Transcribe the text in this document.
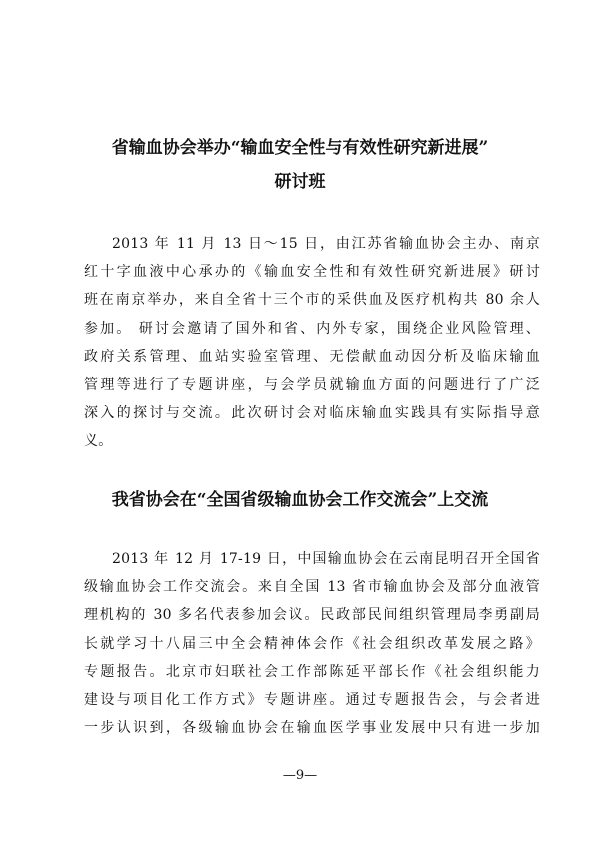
省输血协会举办“输血安全性与有效性研究新进展”
研讨班
2013 年 11 月 13 日～15 日，由江苏省输血协会主办、南京
红十字血液中心承办的《输血安全性和有效性研究新进展》研讨
班在南京举办，来自全省十三个市的采供血及医疗机构共 80 余人
参加。 研讨会邀请了国外和省、内外专家，围绕企业风险管理、
政府关系管理、血站实验室管理、无偿献血动因分析及临床输血
管理等进行了专题讲座，与会学员就输血方面的问题进行了广泛
深入的探讨与交流。此次研讨会对临床输血实践具有实际指导意
义。
我省协会在“全国省级输血协会工作交流会”上交流
2013 年 12 月 17-19 日，中国输血协会在云南昆明召开全国省
级输血协会工作交流会。来自全国 13 省市输血协会及部分血液管
理机构的 30 多名代表参加会议。民政部民间组织管理局李勇副局
长就学习十八届三中全会精神体会作《社会组织改革发展之路》
专题报告。北京市妇联社会工作部陈延平部长作《社会组织能力
建设与项目化工作方式》专题讲座。通过专题报告会，与会者进
一步认识到，各级输血协会在输血医学事业发展中只有进一步加
—9—
